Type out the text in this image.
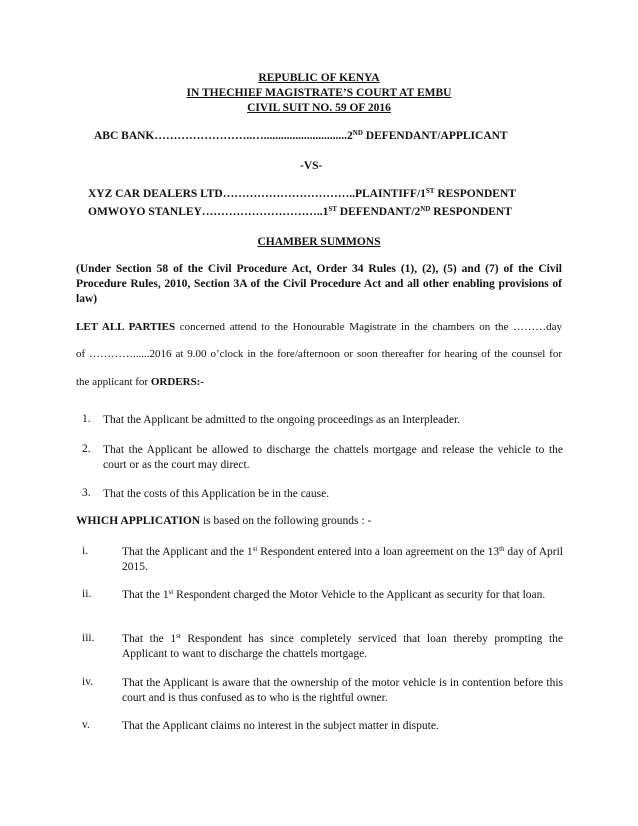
REPUBLIC OF KENYA
IN THECHIEF MAGISTRATE’S COURT AT EMBU
CIVIL SUIT NO. 59 OF 2016
ABC BANK……………………..….............................2ND DEFENDANT/APPLICANT
-VS-
XYZ CAR DEALERS LTD……………………………..PLAINTIFF/1ST RESPONDENT
OMWOYO STANLEY…………………………..1ST DEFENDANT/2ND RESPONDENT
CHAMBER SUMMONS
(Under Section 58 of the Civil Procedure Act, Order 34 Rules (1), (2), (5) and (7) of the Civil Procedure Rules, 2010, Section 3A of the Civil Procedure Act and all other enabling provisions of law)
LET ALL PARTIES concerned attend to the Honourable Magistrate in the chambers on the ………day
of …………......2016 at 9.00 o’clock in the fore/afternoon or soon thereafter for hearing of the counsel for
the applicant for ORDERS:-
1. That the Applicant be admitted to the ongoing proceedings as an Interpleader.
2. That the Applicant be allowed to discharge the chattels mortgage and release the vehicle to the court or as the court may direct.
3. That the costs of this Application be in the cause.
WHICH APPLICATION is based on the following grounds : -
i.	That the Applicant and the 1st Respondent entered into a loan agreement on the 13th day of April 2015.
ii.	That the 1st Respondent charged the Motor Vehicle to the Applicant as security for that loan.
iii. That the 1st Respondent has since completely serviced that loan thereby prompting the Applicant to want to discharge the chattels mortgage.
iv.	That the Applicant is aware that the ownership of the motor vehicle is in contention before this court and is thus confused as to who is the rightful owner.
v.	That the Applicant claims no interest in the subject matter in dispute.
